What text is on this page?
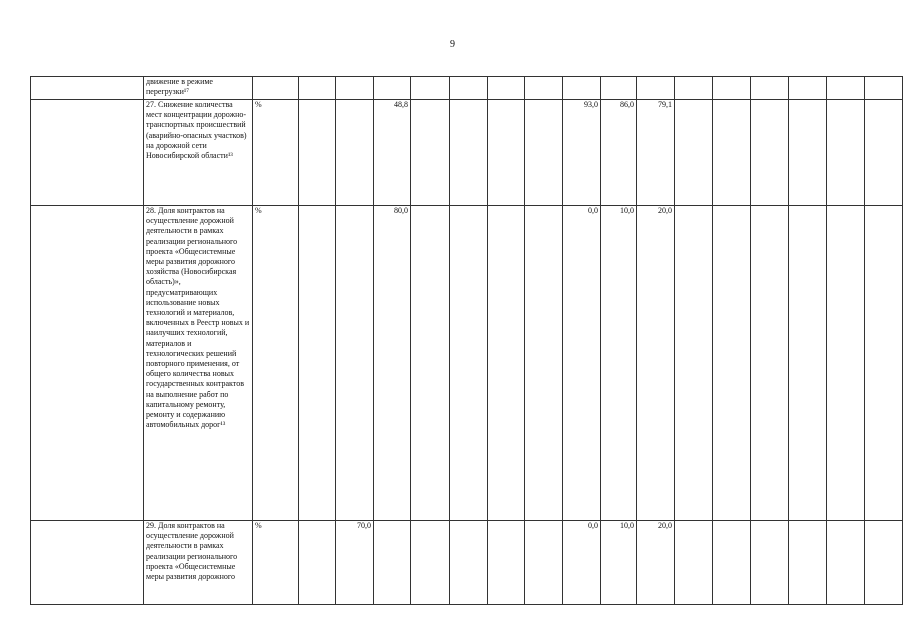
9

	движение в режиме перегрузки¹⁷																	

	27. Снижение количества мест концентрации дорожно-транспортных происшествий (аварийно-опасных участков) на дорожной сети Новосибирской области¹³	%			48,8					93,0	86,0	79,1						

	28. Доля контрактов на осуществление дорожной деятельности в рамках реализации регионального проекта «Общесистемные меры развития дорожного хозяйства (Новосибирская область)», предусматривающих использование новых технологий и материалов, включенных в Реестр новых и наилучших технологий, материалов и технологических решений повторного применения, от общего количества новых государственных контрактов на выполнение работ по капитальному ремонту, ремонту и содержанию автомобильных дорог¹³	%			80,0					0,0	10,0	20,0						

	29. Доля контрактов на осуществление дорожной деятельности в рамках реализации регионального проекта «Общесистемные меры развития дорожного	%		70,0						0,0	10,0	20,0						
